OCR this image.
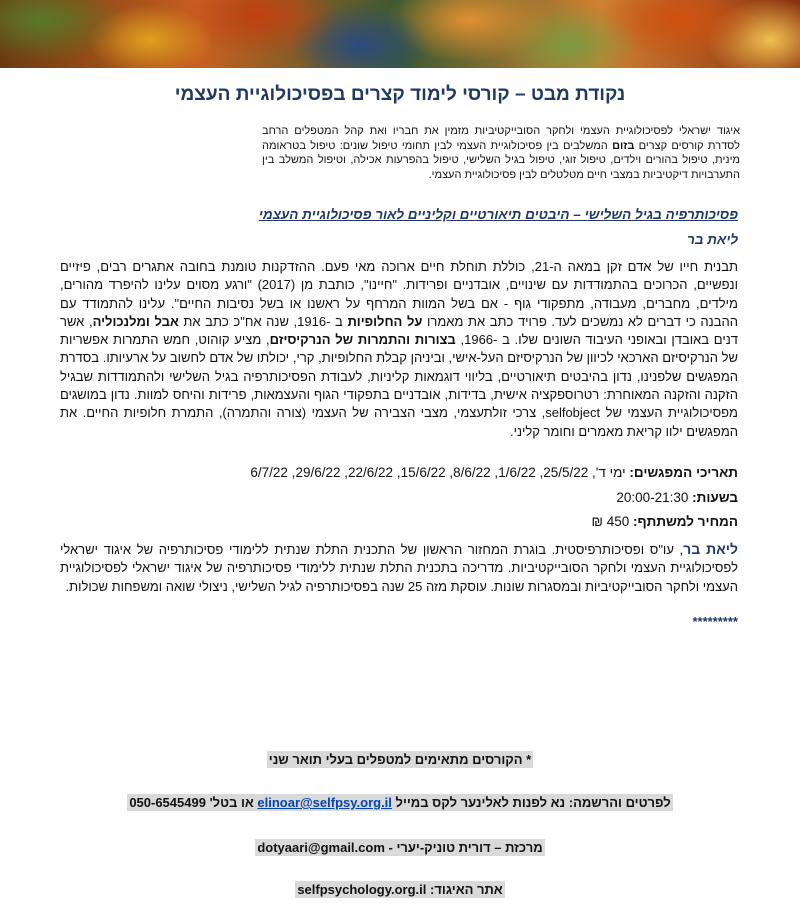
נקודת מבט – קורסי לימוד קצרים בפסיכולוגיית העצמי
איגוד ישראלי לפסיכולוגיית העצמי ולחקר הסובייקטיביות מזמין את חבריו ואת קהל המטפלים הרחב לסדרת קורסים קצרים בזום המשלבים בין פסיכולוגיית העצמי לבין תחומי טיפול שונים: טיפול בטראומה מינית, טיפול בהורים וילדים, טיפול זוגי, טיפול בגיל השלישי, טיפול בהפרעות אכילה, וטיפול המשלב בין התערבויות דיקטיביות במצבי חיים מטלטלים לבין פסיכולוגיית העצמי.
פסיכותרפיה בגיל השלישי – היבטים תיאורטיים וקליניים לאור פסיכולוגיית העצמי
ליאת בר
תבנית חייו של אדם זקן במאה ה-21, כוללת תוחלת חיים ארוכה מאי פעם. ההזדקנות טומנת בחובה אתגרים רבים, פיזיים ונפשיים, הכרוכים בהתמודדות עם שינויים, אובדניים ופרידות. "חיינו", כותבת מן (2017) "ורגע מסוים עלינו להיפרד מהורים, מילדים, מחברים, מעבודה, מתפקודי גוף - אם בשל המוות המרחף על ראשנו או בשל נסיבות החיים". עלינו להתמודד עם ההבנה כי דברים לא נמשכים לעד. פרויד כתב את מאמרו על החלופיות ב -1916, שנה אח"כ כתב את אבל ומלנכוליה, אשר דנים באובדן ובאופני העיבוד השונים שלו. ב -1966, בצורות והתמרות של הנרקיסיזם, מציע קוהוט, חמש התמרות אפשריות של הנרקיסיזם הארכאי לכיוון של הנרקיסיזם העל-אישי, וביניהן קבלת החלופיות, קרי, יכולתו של אדם לחשוב על ארעיותו. בסדרת המפגשים שלפנינו, נדון בהיבטים תיאורטיים, בליווי דוגמאות קליניות, לעבודת הפסיכותרפיה בגיל השלישי ולהתמודדות שבגיל הזקנה והזקנה המאוחרת: רטרוספקציה אישית, בדידות, אובדניים בתפקודי הגוף והעצמאות, פרידות והיחס למוות. נדון במושגים מפסיכולוגיית העצמי של selfobject, צרכי זולתעצמי, מצבי הצבירה של העצמי (צורה והתמרה), התמרת חלופיות החיים. את המפגשים ילוו קריאת מאמרים וחומר קליני.
תאריכי המפגשים: ימי ד', 25/5/22, 1/6/22, 8/6/22, 15/6/22, 22/6/22, 29/6/22, 6/7/22
בשעות: 20:00-21:30
המחיר למשתתף: 450 ₪
ליאת בר, עו"ס ופסיכותרפיסטית. בוגרת המחזור הראשון של התכנית התלת שנתית ללימודי פסיכותרפיה של איגוד ישראלי לפסיכולוגיית העצמי ולחקר הסובייקטיביות. מדריכה בתכנית התלת שנתית ללימודי פסיכותרפיה של איגוד ישראלי לפסיכולוגיית העצמי ולחקר הסובייקטיביות ובמסגרות שונות. עוסקת מזה 25 שנה בפסיכותרפיה לגיל השלישי, ניצולי שואה ומשפחות שכולות.
*********
* הקורסים מתאימים למטפלים בעלי תואר שני
לפרטים והרשמה: נא לפנות לאלינער לקס במייל elinoar@selfpsy.org.il או בטל' 050-6545499
מרכזת – דורית טוניק-יערי - dotyaari@gmail.com
אתר האיגוד: selfpsychology.org.il
